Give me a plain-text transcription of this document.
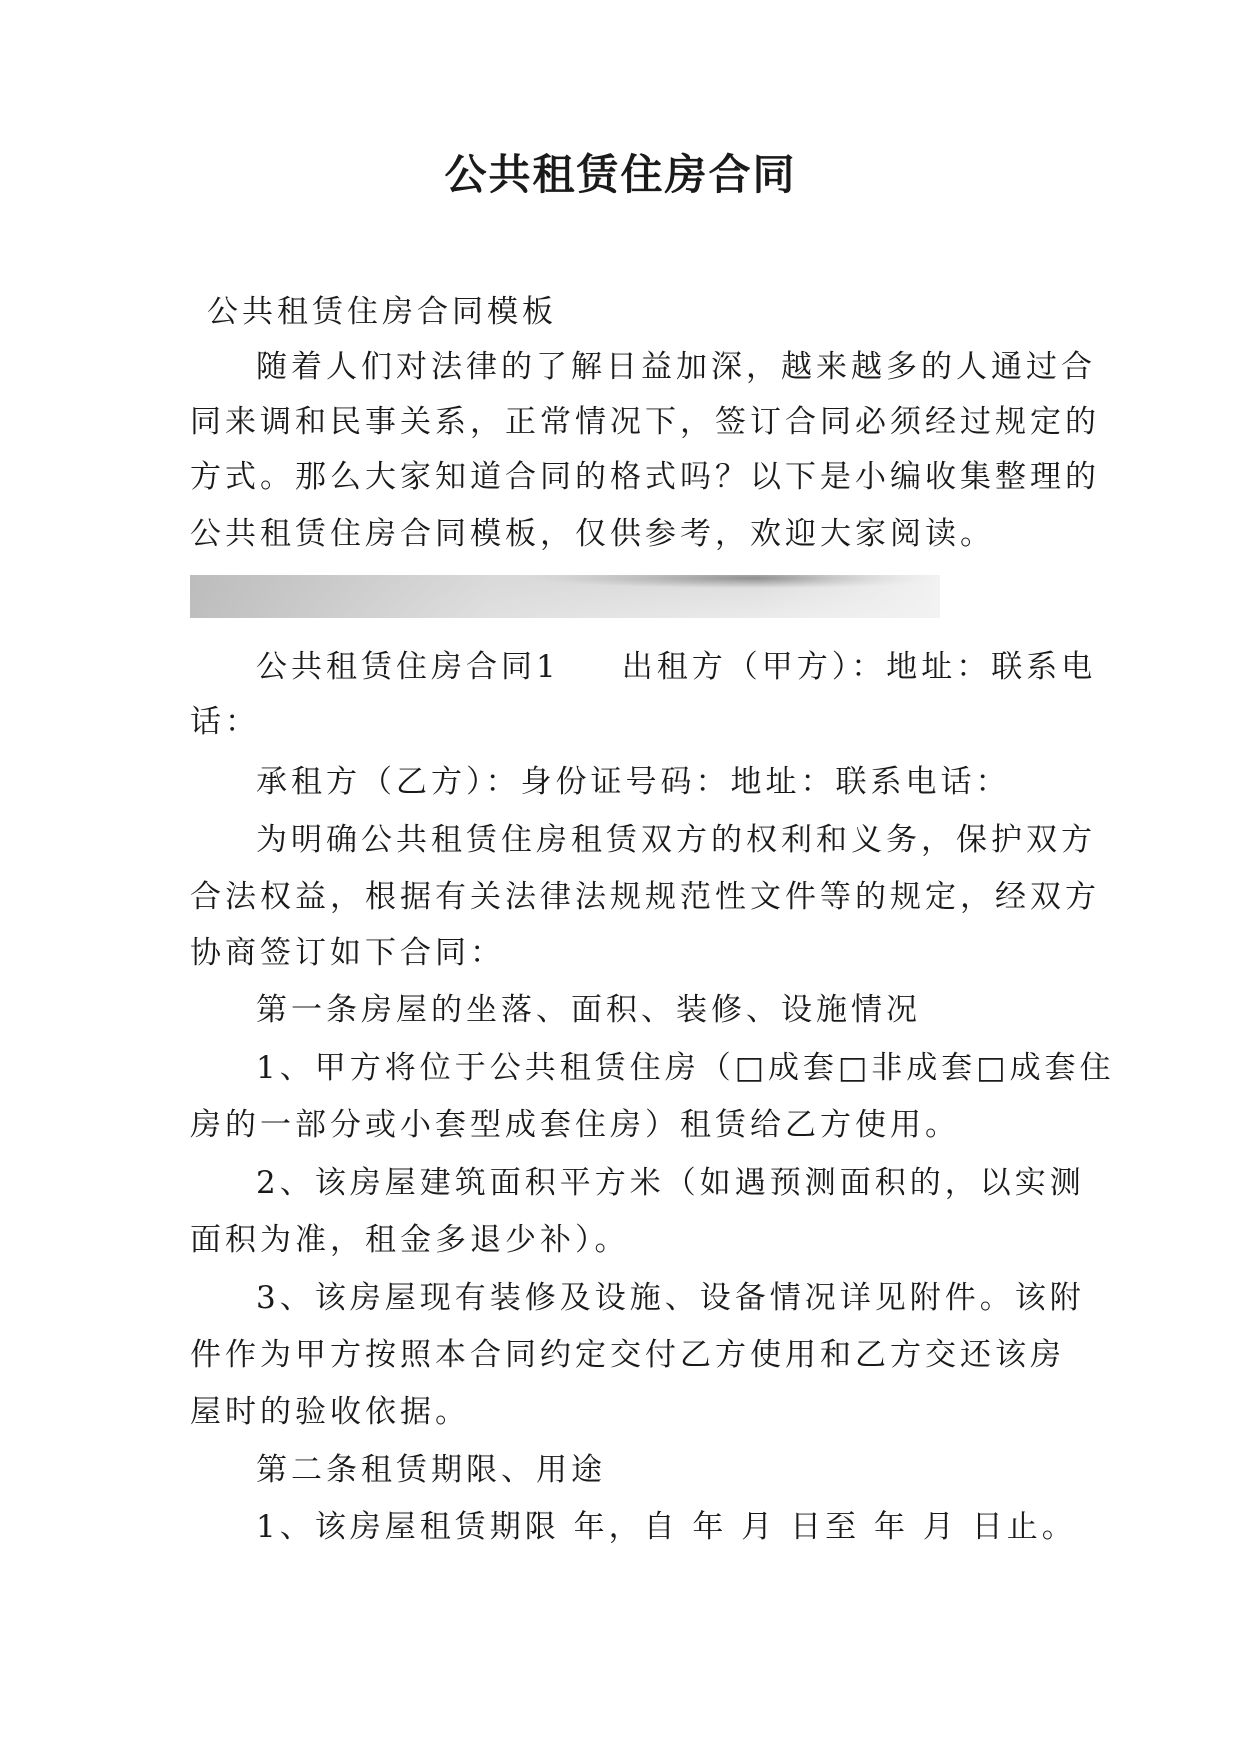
公共租赁住房合同
公共租赁住房合同模板
随着人们对法律的了解日益加深，越来越多的人通过合
同来调和民事关系，正常情况下，签订合同必须经过规定的
方式。那么大家知道合同的格式吗？以下是小编收集整理的
公共租赁住房合同模板，仅供参考，欢迎大家阅读。
公共租赁住房合同1 出租方（甲方）：地址：联系电
话：
承租方（乙方）：身份证号码：地址：联系电话：
为明确公共租赁住房租赁双方的权利和义务，保护双方
合法权益，根据有关法律法规规范性文件等的规定，经双方
协商签订如下合同：
第一条房屋的坐落、面积、装修、设施情况
1、甲方将位于公共租赁住房（□成套□非成套□成套住
房的一部分或小套型成套住房）租赁给乙方使用。
2、该房屋建筑面积平方米（如遇预测面积的，以实测
面积为准，租金多退少补）。
3、该房屋现有装修及设施、设备情况详见附件。该附
件作为甲方按照本合同约定交付乙方使用和乙方交还该房
屋时的验收依据。
第二条租赁期限、用途
1、该房屋租赁期限 年，自 年 月 日至 年 月 日止。
